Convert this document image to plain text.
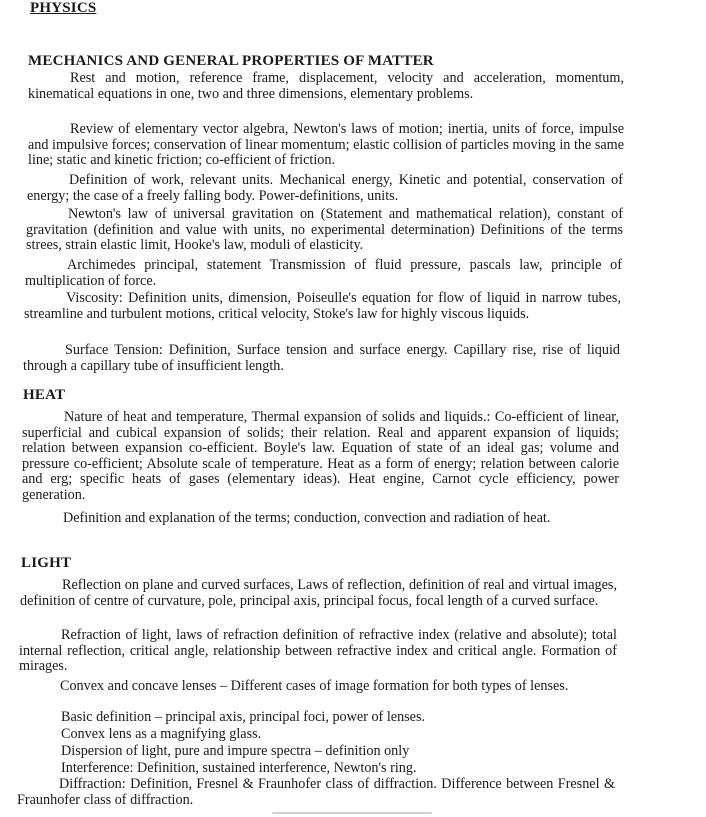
PHYSICS
MECHANICS AND GENERAL PROPERTIES OF MATTER

Rest and motion, reference frame, displacement, velocity and acceleration, momentum, kinematical equations in one, two and three dimensions, elementary problems.

Review of elementary vector algebra, Newton's laws of motion; inertia, units of force, impulse and impulsive forces; conservation of linear momentum; elastic collision of particles moving in the same line; static and kinetic friction; co-efficient of friction.

Definition of work, relevant units. Mechanical energy, Kinetic and potential, conservation of energy; the case of a freely falling body. Power-definitions, units.

Newton's law of universal gravitation on (Statement and mathematical relation), constant of gravitation (definition and value with units, no experimental determination) Definitions of the terms strees, strain elastic limit, Hooke's law, moduli of elasticity.

Archimedes principal, statement Transmission of fluid pressure, pascals law, principle of multiplication of force.

Viscosity: Definition units, dimension, Poiseulle's equation for flow of liquid in narrow tubes, streamline and turbulent motions, critical velocity, Stoke's law for highly viscous liquids.

Surface Tension: Definition, Surface tension and surface energy. Capillary rise, rise of liquid through a capillary tube of insufficient length.

HEAT

Nature of heat and temperature, Thermal expansion of solids and liquids.: Co-efficient of linear, superficial and cubical expansion of solids; their relation. Real and apparent expansion of liquids; relation between expansion co-efficient. Boyle's law. Equation of state of an ideal gas; volume and pressure co-efficient; Absolute scale of temperature. Heat as a form of energy; relation between calorie and erg; specific heats of gases (elementary ideas). Heat engine, Carnot cycle efficiency, power generation.

Definition and explanation of the terms; conduction, convection and radiation of heat.

LIGHT

Reflection on plane and curved surfaces, Laws of reflection, definition of real and virtual images, definition of centre of curvature, pole, principal axis, principal focus, focal length of a curved surface.

Refraction of light, laws of refraction definition of refractive index (relative and absolute); total internal reflection, critical angle, relationship between refractive index and critical angle. Formation of mirages.

Convex and concave lenses – Different cases of image formation for both types of lenses.

Basic definition – principal axis, principal foci, power of lenses.
Convex lens as a magnifying glass.
Dispersion of light, pure and impure spectra – definition only
Interference: Definition, sustained interference, Newton's ring.

Diffraction: Definition, Fresnel & Fraunhofer class of diffraction. Difference between Fresnel & Fraunhofer class of diffraction.
